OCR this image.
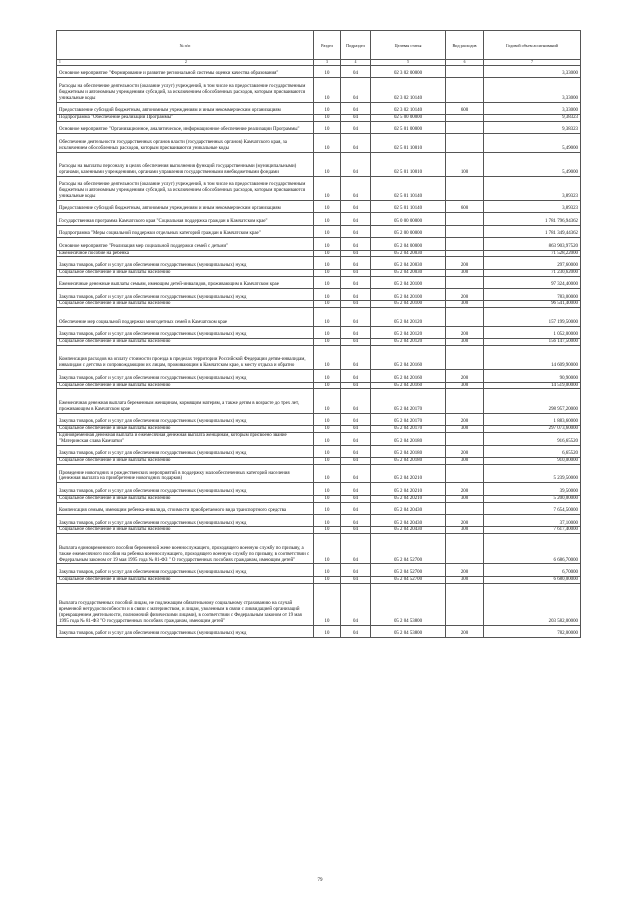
№ п/п	Раздел	Подраздел	Целевая статья	Вид расходов	Годовой объем ассигнований

1 2	3	4	5	6	7
Основное мероприятие "Формирование и развитие региональной системы оценки качества образования"	10	04	02 3 02 00000		3,33000
Расходы на обеспечение деятельности (оказание услуг) учреждений, в том числе на предоставление государственным бюджетным и автономным учреждениям субсидий, за исключением обособленных расходов, которым присваиваются уникальные коды	10	04	02 3 02 10140		3,33000
Предоставление субсидий бюджетным, автономным учреждениям и иным некоммерческим организациям	10	04	02 3 02 10140	600	3,33000
Подпрограмма "Обеспечение реализации Программы"	10	04	02 5 00 00000		9,38323
Основное мероприятие "Организационное, аналитическое, информационное обеспечение реализации Программы"	10	04	02 5 01 00000		9,38323
Обеспечение деятельности государственных органов власти (государственных органов) Камчатского края, за исключением обособленных расходов, которым присваиваются уникальные коды	10	04	02 5 01 10010		5,49000
Расходы на выплаты персоналу в целях обеспечения выполнения функций государственными (муниципальными) органами, казенными учреждениями, органами управления государственными внебюджетными фондами	10	04	02 5 01 10010	100	5,49000
Расходы на обеспечение деятельности (оказание услуг) учреждений, в том числе на предоставление государственным бюджетным и автономным учреждениям субсидий, за исключением обособленных расходов, которым присваиваются уникальные коды	10	04	02 5 01 10140		3,89323
Предоставление субсидий бюджетным, автономным учреждениям и иным некоммерческим организациям	10	04	02 5 01 10140	600	3,89323
Государственная программа Камчатского края "Социальная поддержка граждан в Камчатском крае"	10	04	05 0 00 00000		1 781 796,94362
Подпрограмма "Меры социальной поддержки отдельных категорий граждан в Камчатском крае"	10	04	05 2 00 00000		1 781 349,44362
Основное мероприятие "Реализация мер социальной поддержки семей с детьми"	10	04	05 2 04 00000		863 903,97520
Ежемесячное пособие на ребенка	10	04	05 2 04 20030		71 528,22000
Закупка товаров, работ и услуг для обеспечения государственных (муниципальных) нужд	10	04	05 2 04 20030	200	297,60000
Социальное обеспечение и иные выплаты населению	10	04	05 2 04 20030	300	71 230,62000
Ежемесячные денежные выплаты семьям, имеющим детей-инвалидов, проживающим в Камчатском крае	10	04	05 2 04 20100		97 324,40000
Закупка товаров, работ и услуг для обеспечения государственных (муниципальных) нужд	10	04	05 2 04 20100	200	783,00000
Социальное обеспечение и иные выплаты населению	10	04	05 2 04 20100	300	96 541,40000
Обеспечение мер социальной поддержки многодетных семей в Камчатском крае	10	04	05 2 04 20120		157 199,50000
Закупка товаров, работ и услуг для обеспечения государственных (муниципальных) нужд	10	04	05 2 04 20120	200	1 052,00000
Социальное обеспечение и иные выплаты населению	10	04	05 2 04 20120	300	156 147,50000
Компенсация расходов на оплату стоимости проезда в пределах территории Российской Федерации детям-инвалидам, инвалидам с детства и сопровождающим их лицам, проживающим в Камчатском крае, к месту отдыха и обратно	10	04	05 2 04 20160		14 609,90000
Закупка товаров, работ и услуг для обеспечения государственных (муниципальных) нужд	10	04	05 2 04 20160	200	90,90000
Социальное обеспечение и иные выплаты населению	10	04	05 2 04 20160	300	14 519,00000
Ежемесячная денежная выплата беременным женщинам, кормящим матерям, а также детям в возрасте до трех лет, проживающим в Камчатском крае	10	04	05 2 04 20170		298 957,20000
Закупка товаров, работ и услуг для обеспечения государственных (муниципальных) нужд	10	04	05 2 04 20170	200	1 883,60000
Социальное обеспечение и иные выплаты населению	10	04	05 2 04 20170	300	297 073,60000
Единовременная денежная выплата и ежемесячная денежная выплата женщинам, которым присвоено звание "Материнская слава Камчатки"	10	04	05 2 04 20180		916,65520
Закупка товаров, работ и услуг для обеспечения государственных (муниципальных) нужд	10	04	05 2 04 20180	200	6,65520
Социальное обеспечение и иные выплаты населению	10	04	05 2 04 20180	300	910,00000
Проведение новогодних и рождественских мероприятий в поддержку малообеспеченных категорий населения (денежная выплата на приобретение новогодних подарков)	10	04	05 2 04 20210		5 239,50000
Закупка товаров, работ и услуг для обеспечения государственных (муниципальных) нужд	10	04	05 2 04 20210	200	39,50000
Социальное обеспечение и иные выплаты населению	10	04	05 2 04 20210	300	5 200,00000
Компенсация семьям, имеющим ребенка-инвалида, стоимости приобретаемого вида транспортного средства	10	04	05 2 04 20430		7 654,50000
Закупка товаров, работ и услуг для обеспечения государственных (муниципальных) нужд	10	04	05 2 04 20430	200	37,10000
Социальное обеспечение и иные выплаты населению	10	04	05 2 04 20430	300	7 617,40000
Выплата единовременного пособия беременной жене военнослужащего, проходящего военную службу по призыву, а также ежемесячного пособия на ребенка военнослужащего, проходящего военную службу по призыву, в соответствии с Федеральным законом от 19 мая 1995 года № 81-ФЗ " О государственных пособиях гражданам, имеющим детей"	10	04	05 2 04 52700		6 686,70000
Закупка товаров, работ и услуг для обеспечения государственных (муниципальных) нужд	10	04	05 2 04 52700	200	6,70000
Социальное обеспечение и иные выплаты населению	10	04	05 2 04 52700	300	6 680,00000
Выплата государственных пособий лицам, не подлежащим обязательному социальному страхованию на случай временной нетрудоспособности и в связи с материнством, и лицам, уволенным в связи с ликвидацией организаций (прекращением деятельности, полномочий физическими лицами), в соответствии с Федеральным законом от 19 мая 1995 года № 81-ФЗ "О государственных пособиях гражданам, имеющим детей"	10	04	05 2 04 53800		203 582,00000
Закупка товаров, работ и услуг для обеспечения государственных (муниципальных) нужд	10	04	05 2 04 53800	200	782,00000
79
